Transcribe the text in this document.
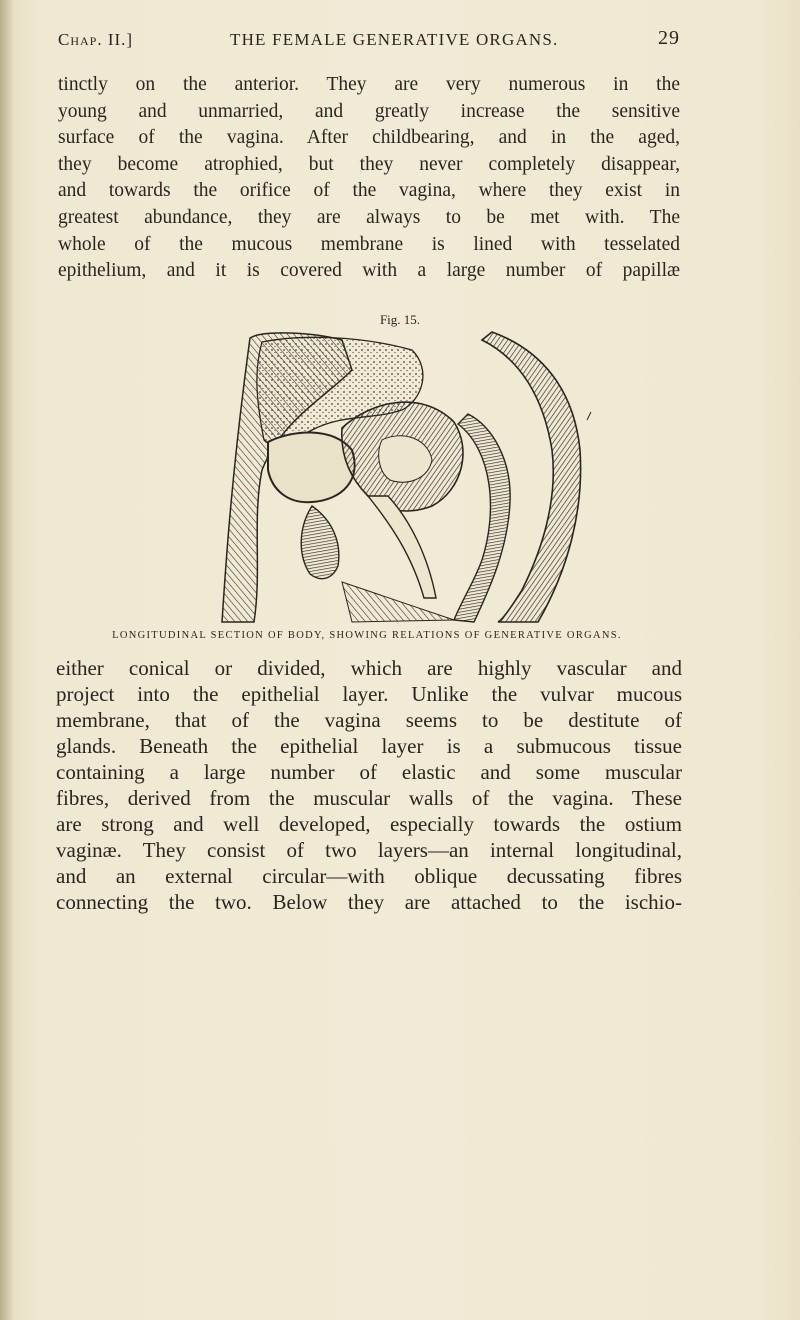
Chap. II.]	THE FEMALE GENERATIVE ORGANS.	29

tinctly on the anterior. They are very numerous in the

young and unmarried, and greatly increase the sensitive

surface of the vagina. After childbearing, and in the aged,

they become atrophied, but they never completely disappear,

and towards the orifice of the vagina, where they exist in

greatest abundance, they are always to be met with. The

whole of the mucous membrane is lined with tesselated

epithelium, and it is covered with a large number of papillæ

Fig. 15.
LONGITUDINAL SECTION OF BODY, SHOWING RELATIONS OF GENERATIVE ORGANS.

either conical or divided, which are highly vascular and

project into the epithelial layer. Unlike the vulvar mucous

membrane, that of the vagina seems to be destitute of

glands. Beneath the epithelial layer is a submucous tissue

containing a large number of elastic and some muscular

fibres, derived from the muscular walls of the vagina. These

are strong and well developed, especially towards the ostium

vaginæ. They consist of two layers—an internal longitudinal,

and an external circular—with oblique decussating fibres

connecting the two. Below they are attached to the ischio-
